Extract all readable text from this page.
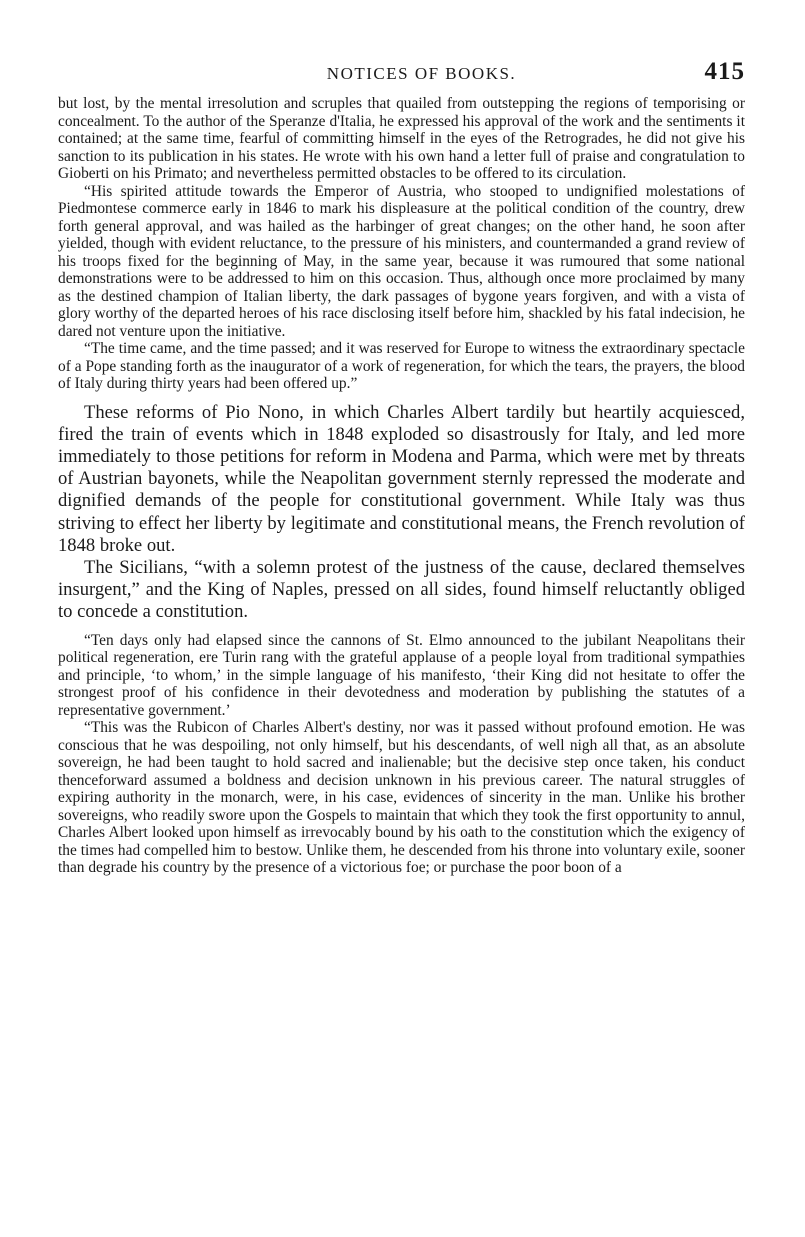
NOTICES OF BOOKS.	415

but lost, by the mental irresolution and scruples that quailed from outstepping the regions of temporising or concealment. To the author of the Speranze d'Italia, he expressed his approval of the work and the sentiments it contained; at the same time, fearful of committing himself in the eyes of the Retrogrades, he did not give his sanction to its publication in his states. He wrote with his own hand a letter full of praise and congratulation to Gioberti on his Primato; and nevertheless permitted obstacles to be offered to its circulation.

“His spirited attitude towards the Emperor of Austria, who stooped to undignified molestations of Piedmontese commerce early in 1846 to mark his displeasure at the political condition of the country, drew forth general approval, and was hailed as the harbinger of great changes; on the other hand, he soon after yielded, though with evident reluctance, to the pressure of his ministers, and countermanded a grand review of his troops fixed for the beginning of May, in the same year, because it was rumoured that some national demonstrations were to be addressed to him on this occasion. Thus, although once more proclaimed by many as the destined champion of Italian liberty, the dark passages of bygone years forgiven, and with a vista of glory worthy of the departed heroes of his race disclosing itself before him, shackled by his fatal indecision, he dared not venture upon the initiative.

“The time came, and the time passed; and it was reserved for Europe to witness the extraordinary spectacle of a Pope standing forth as the inaugurator of a work of regeneration, for which the tears, the prayers, the blood of Italy during thirty years had been offered up.”

These reforms of Pio Nono, in which Charles Albert tardily but heartily acquiesced, fired the train of events which in 1848 exploded so disastrously for Italy, and led more immediately to those petitions for reform in Modena and Parma, which were met by threats of Austrian bayonets, while the Neapolitan government sternly repressed the moderate and dignified demands of the people for constitutional government. While Italy was thus striving to effect her liberty by legitimate and constitutional means, the French revolution of 1848 broke out.

The Sicilians, “with a solemn protest of the justness of the cause, declared themselves insurgent,” and the King of Naples, pressed on all sides, found himself reluctantly obliged to concede a constitution.

“Ten days only had elapsed since the cannons of St. Elmo announced to the jubilant Neapolitans their political regeneration, ere Turin rang with the grateful applause of a people loyal from traditional sympathies and principle, ‘to whom,’ in the simple language of his manifesto, ‘their King did not hesitate to offer the strongest proof of his confidence in their devotedness and moderation by publishing the statutes of a representative government.’

“This was the Rubicon of Charles Albert's destiny, nor was it passed without profound emotion. He was conscious that he was despoiling, not only himself, but his descendants, of well nigh all that, as an absolute sovereign, he had been taught to hold sacred and inalienable; but the decisive step once taken, his conduct thenceforward assumed a boldness and decision unknown in his previous career. The natural struggles of expiring authority in the monarch, were, in his case, evidences of sincerity in the man. Unlike his brother sovereigns, who readily swore upon the Gospels to maintain that which they took the first opportunity to annul, Charles Albert looked upon himself as irrevocably bound by his oath to the constitution which the exigency of the times had compelled him to bestow. Unlike them, he descended from his throne into voluntary exile, sooner than degrade his country by the presence of a victorious foe; or purchase the poor boon of a
